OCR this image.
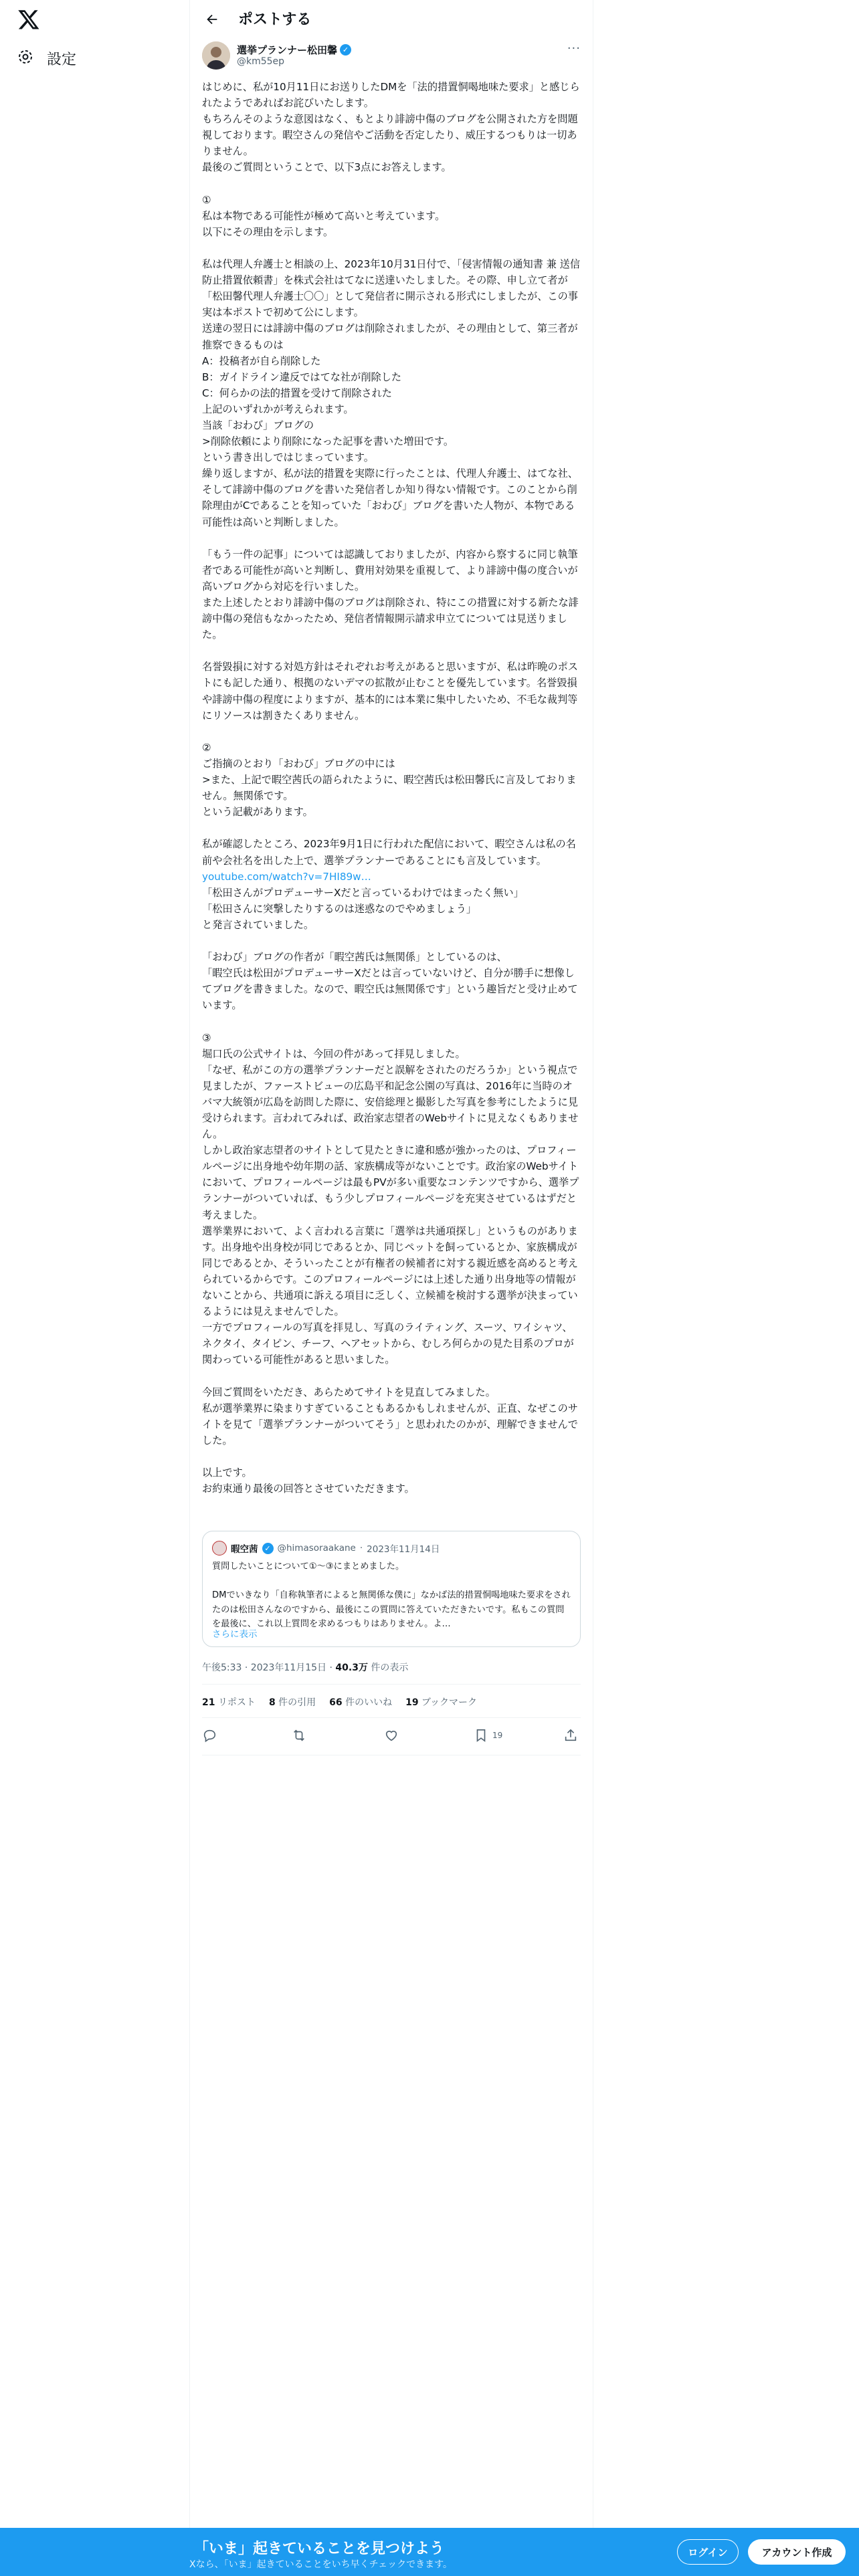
設定
ポストする
選挙プランナー松田馨 ✓
@km55ep
···
はじめに、私が10月11日にお送りしたDMを「法的措置恫喝地味た要求」と感じられたようであればお詫びいたします。
もちろんそのような意図はなく、もとより誹謗中傷のブログを公開された方を問題視しております。暇空さんの発信やご活動を否定したり、威圧するつもりは一切ありません。
最後のご質問ということで、以下3点にお答えします。

①
私は本物である可能性が極めて高いと考えています。
以下にその理由を示します。

私は代理人弁護士と相談の上、2023年10月31日付で、「侵害情報の通知書 兼 送信防止措置依頼書」を株式会社はてなに送達いたしました。その際、申し立て者が「松田馨代理人弁護士〇〇」として発信者に開示される形式にしましたが、この事実は本ポストで初めて公にします。
送達の翌日には誹謗中傷のブログは削除されましたが、その理由として、第三者が推察できるものは
A：投稿者が自ら削除した
B：ガイドライン違反ではてな社が削除した
C：何らかの法的措置を受けて削除された
上記のいずれかが考えられます。
当該「おわび」ブログの
>削除依頼により削除になった記事を書いた増田です。
という書き出しではじまっています。
繰り返しますが、私が法的措置を実際に行ったことは、代理人弁護士、はてな社、そして誹謗中傷のブログを書いた発信者しか知り得ない情報です。このことから削除理由がCであることを知っていた「おわび」ブログを書いた人物が、本物である可能性は高いと判断しました。

「もう一件の記事」については認識しておりましたが、内容から察するに同じ執筆者である可能性が高いと判断し、費用対効果を重視して、より誹謗中傷の度合いが高いブログから対応を行いました。
また上述したとおり誹謗中傷のブログは削除され、特にこの措置に対する新たな誹謗中傷の発信もなかったため、発信者情報開示請求申立てについては見送りました。

名誉毀損に対する対処方針はそれぞれお考えがあると思いますが、私は昨晩のポストにも記した通り、根拠のないデマの拡散が止むことを優先しています。名誉毀損や誹謗中傷の程度によりますが、基本的には本業に集中したいため、不毛な裁判等にリソースは割きたくありません。

②
ご指摘のとおり「おわび」ブログの中には
>また、上記で暇空茜氏の語られたように、暇空茜氏は松田馨氏に言及しておりません。無関係です。
という記載があります。

私が確認したところ、2023年9月1日に行われた配信において、暇空さんは私の名前や会社名を出した上で、選挙プランナーであることにも言及しています。
youtube.com/watch?v=7HI89w…
「松田さんがプロデューサーXだと言っているわけではまったく無い」
「松田さんに突撃したりするのは迷惑なのでやめましょう」
と発言されていました。

「おわび」ブログの作者が「暇空茜氏は無関係」としているのは、
「暇空氏は松田がプロデューサーXだとは言っていないけど、自分が勝手に想像してブログを書きました。なので、暇空氏は無関係です」という趣旨だと受け止めています。

③
堀口氏の公式サイトは、今回の件があって拝見しました。
「なぜ、私がこの方の選挙プランナーだと誤解をされたのだろうか」という視点で見ましたが、ファーストビューの広島平和記念公園の写真は、2016年に当時のオバマ大統領が広島を訪問した際に、安倍総理と撮影した写真を参考にしたように見受けられます。言われてみれば、政治家志望者のWebサイトに見えなくもありません。
しかし政治家志望者のサイトとして見たときに違和感が強かったのは、プロフィールページに出身地や幼年期の話、家族構成等がないことです。政治家のWebサイトにおいて、プロフィールページは最もPVが多い重要なコンテンツですから、選挙プランナーがついていれば、もう少しプロフィールページを充実させているはずだと考えました。
選挙業界において、よく言われる言葉に「選挙は共通項探し」というものがあります。出身地や出身校が同じであるとか、同じペットを飼っているとか、家族構成が同じであるとか、そういったことが有権者の候補者に対する親近感を高めると考えられているからです。このプロフィールページには上述した通り出身地等の情報がないことから、共通項に訴える項目に乏しく、立候補を検討する選挙が決まっているようには見えませんでした。
一方でプロフィールの写真を拝見し、写真のライティング、スーツ、ワイシャツ、ネクタイ、タイピン、チーフ、ヘアセットから、むしろ何らかの見た目系のプロが関わっている可能性があると思いました。

今回ご質問をいただき、あらためてサイトを見直してみました。
私が選挙業界に染まりすぎていることもあるかもしれませんが、正直、なぜこのサイトを見て「選挙プランナーがついてそう」と思われたのかが、理解できませんでした。

以上です。
お約束通り最後の回答とさせていただきます。
暇空茜 ✓ @himasoraakane · 2023年11月14日
質問したいことについて①〜③にまとめました。

DMでいきなり「自称執筆者によると無関係な僕に」なかば法的措置恫喝地味た要求をされたのは松田さんなのですから、最後にこの質問に答えていただきたいです。私もこの質問を最後に、これ以上質問を求めるつもりはありません。よ…
さらに表示
午後5:33 · 2023年11月15日 · 40.3万 件の表示
21 リポスト 8 件の引用 66 件のいいね 19 ブックマーク
19
「いま」起きていることを見つけよう
Xなら、「いま」起きていることをいち早くチェックできます。
ログイン	アカウント作成
